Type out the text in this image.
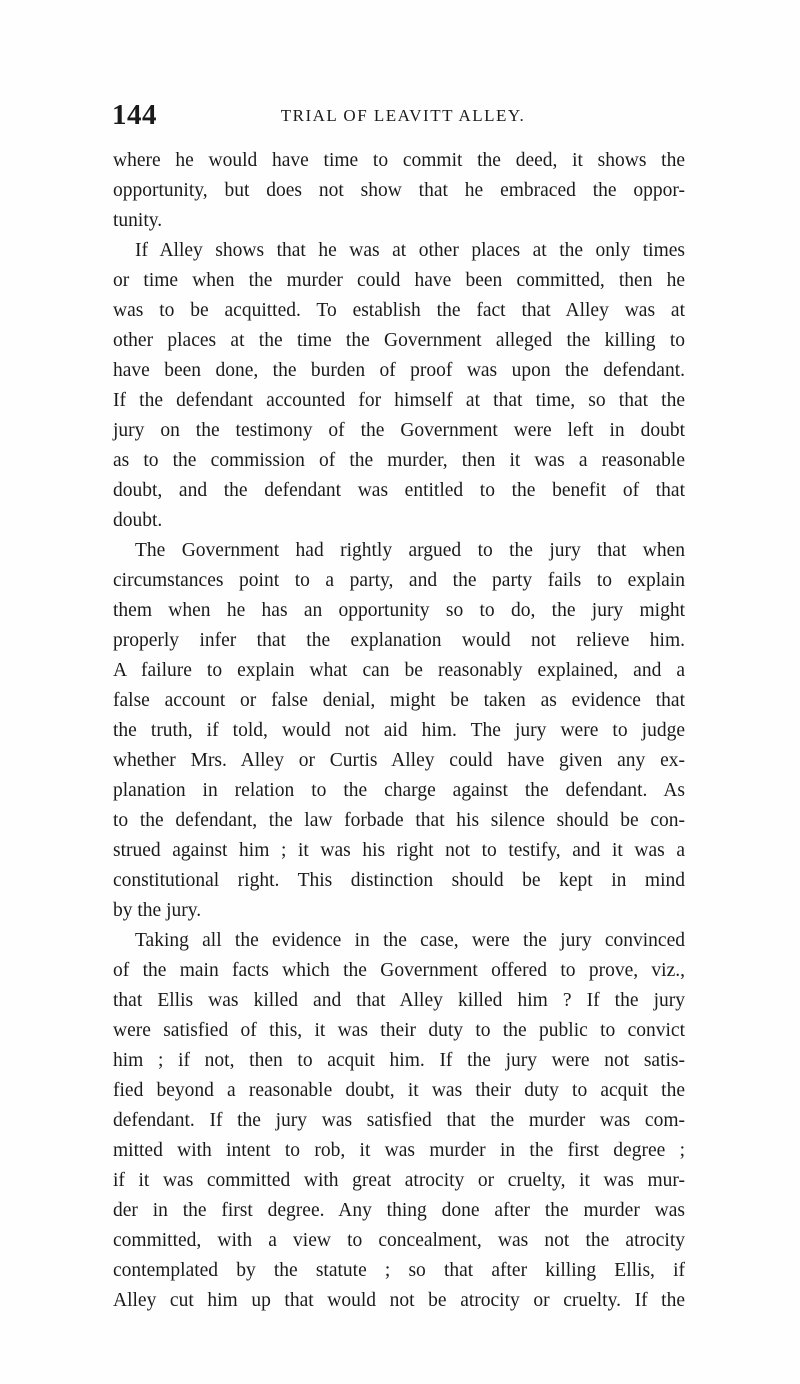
144	TRIAL OF LEAVITT ALLEY.
where he would have time to commit the deed, it shows the
opportunity, but does not show that he embraced the oppor-
tunity.
If Alley shows that he was at other places at the only times
or time when the murder could have been committed, then he
was to be acquitted. To establish the fact that Alley was at
other places at the time the Government alleged the killing to
have been done, the burden of proof was upon the defendant.
If the defendant accounted for himself at that time, so that the
jury on the testimony of the Government were left in doubt
as to the commission of the murder, then it was a reasonable
doubt, and the defendant was entitled to the benefit of that
doubt.
The Government had rightly argued to the jury that when
circumstances point to a party, and the party fails to explain
them when he has an opportunity so to do, the jury might
properly infer that the explanation would not relieve him.
A failure to explain what can be reasonably explained, and a
false account or false denial, might be taken as evidence that
the truth, if told, would not aid him. The jury were to judge
whether Mrs. Alley or Curtis Alley could have given any ex-
planation in relation to the charge against the defendant. As
to the defendant, the law forbade that his silence should be con-
strued against him ; it was his right not to testify, and it was a
constitutional right. This distinction should be kept in mind
by the jury.
Taking all the evidence in the case, were the jury convinced
of the main facts which the Government offered to prove, viz.,
that Ellis was killed and that Alley killed him ? If the jury
were satisfied of this, it was their duty to the public to convict
him ; if not, then to acquit him. If the jury were not satis-
fied beyond a reasonable doubt, it was their duty to acquit the
defendant. If the jury was satisfied that the murder was com-
mitted with intent to rob, it was murder in the first degree ;
if it was committed with great atrocity or cruelty, it was mur-
der in the first degree. Any thing done after the murder was
committed, with a view to concealment, was not the atrocity
contemplated by the statute ; so that after killing Ellis, if
Alley cut him up that would not be atrocity or cruelty. If the
